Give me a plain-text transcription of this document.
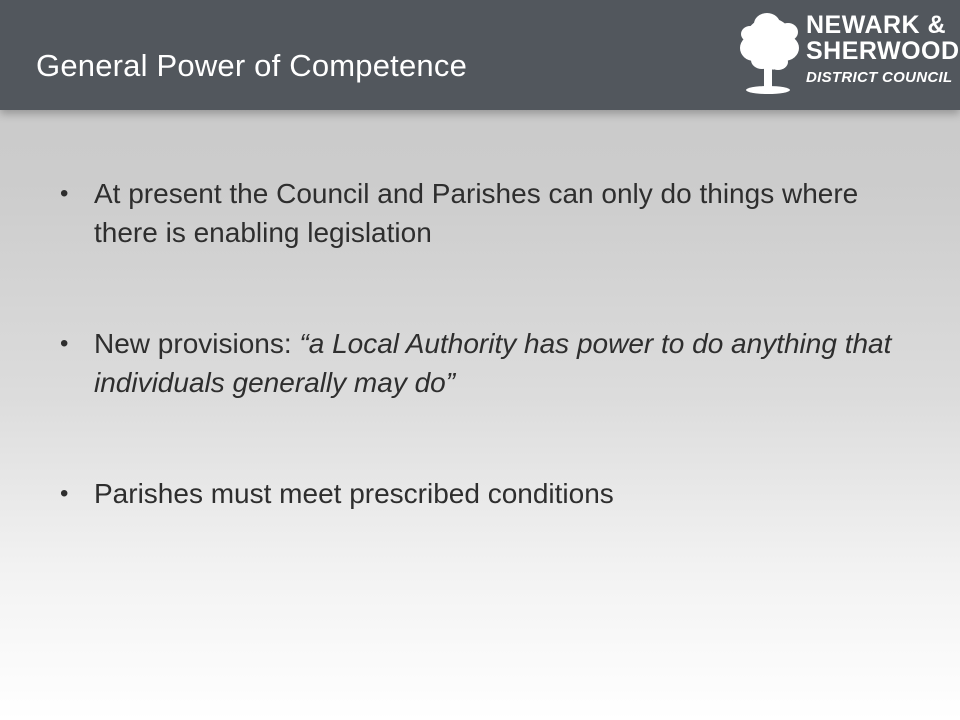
General Power of Competence
NEWARK &
SHERWOOD
DISTRICT COUNCIL
• At present the Council and Parishes can only do things where there is enabling legislation
• New provisions: “a Local Authority has power to do anything that individuals generally may do”
• Parishes must meet prescribed conditions
